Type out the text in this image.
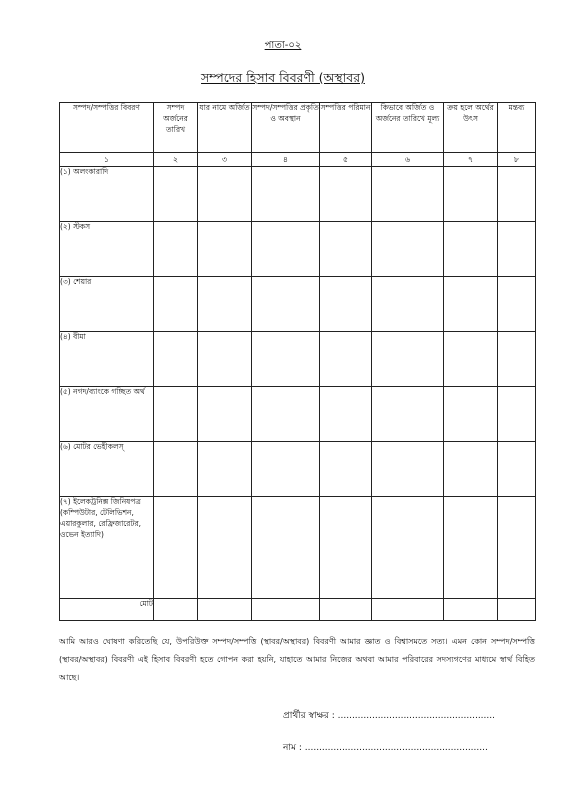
পাতা-০২
সম্পদের হিসাব বিবরণী (অস্থাবর)
সম্পদ/সম্পত্তির বিবরণ	সম্পদ অর্জনের তারিখ	যার নামে অর্জিত	সম্পদ/সম্পত্তির প্রকৃতি ও অবস্থান	সম্পত্তির পরিমান	কিভাবে অর্জিত ও অর্জনের তারিখে মূল্য	ক্রয় হলে অর্থের উৎস	মন্তব্য
১	২	৩	৪	৫	৬	৭	৮
(১) অলংকারাদি							
(২) স্টকস							
(৩) শেয়ার							
(৪) বীমা							
(৫) নগদ/ব্যাংকে গচ্ছিত অর্থ							
(৬) মোটর ভেহীকলস্							
(৭) ইলেকট্রনিক্স জিনিষপত্র (কম্পিউটার, টেলিভিশন, এয়ারকুলার, রেফ্রিজারেটর, ওভেন ইত্যাদি)							
মোট							
আমি আরও ঘোষণা করিতেছি যে, উপরিউক্ত সম্পদ/সম্পত্তি (স্থাবর/অস্থাবর) বিবরণী আমার জ্ঞাত ও বিশ্বাসমতে সত্য। এমন কোন সম্পদ/সম্পত্তি (স্থাবর/অস্থাবর) বিবরণী এই হিসাব বিবরণী হতে গোপন করা হয়নি, যাহাতে আমার নিজের অথবা আমার পরিবারের সদস্যগণের মাধ্যমে স্বার্থ বিহিত আছে।
প্রার্থীর স্বাক্ষর : .......................................................
নাম : ................................................................
